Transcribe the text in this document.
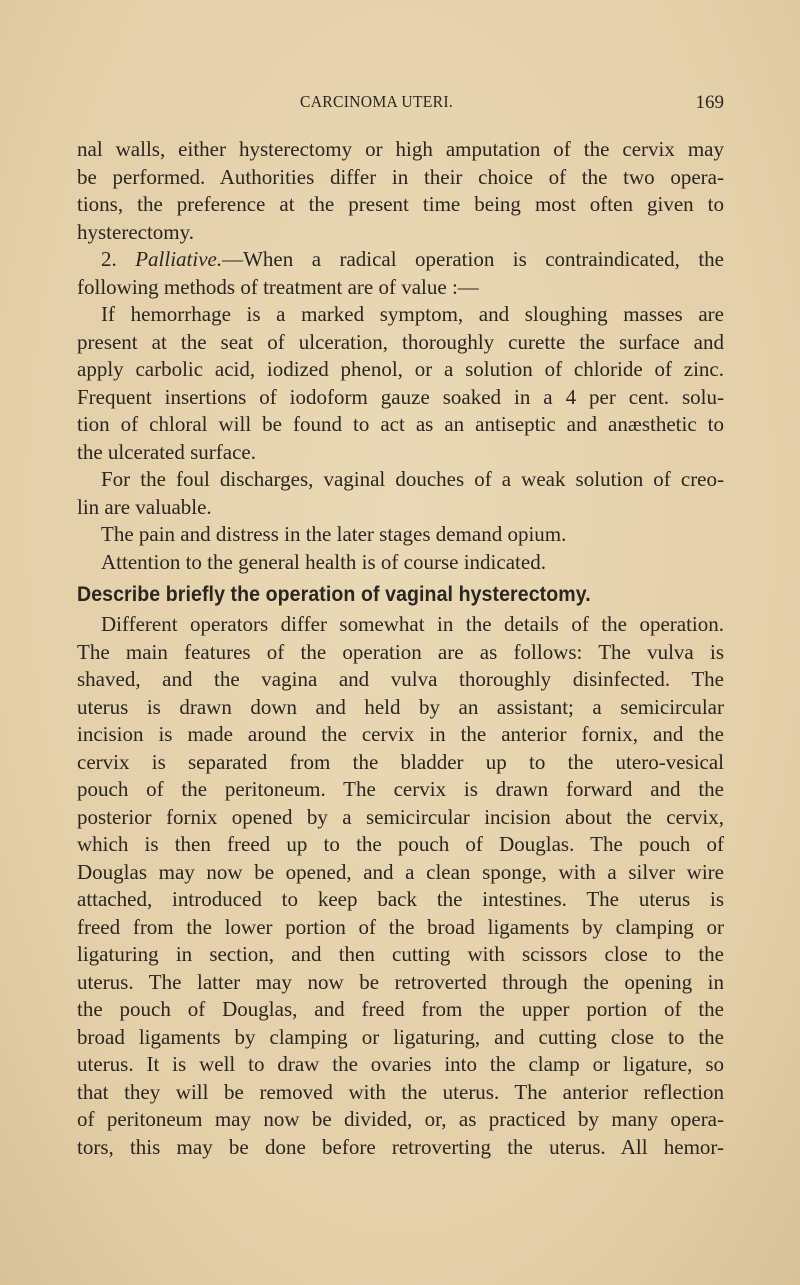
CARCINOMA UTERI.	169
nal walls, either hysterectomy or high amputation of the cervix may
be performed. Authorities differ in their choice of the two opera-
tions, the preference at the present time being most often given to
hysterectomy.
2. Palliative.—When a radical operation is contraindicated, the
following methods of treatment are of value :—
If hemorrhage is a marked symptom, and sloughing masses are
present at the seat of ulceration, thoroughly curette the surface and
apply carbolic acid, iodized phenol, or a solution of chloride of zinc.
Frequent insertions of iodoform gauze soaked in a 4 per cent. solu-
tion of chloral will be found to act as an antiseptic and anæsthetic to
the ulcerated surface.
For the foul discharges, vaginal douches of a weak solution of creo-
lin are valuable.
The pain and distress in the later stages demand opium.
Attention to the general health is of course indicated.
Describe briefly the operation of vaginal hysterectomy.
Different operators differ somewhat in the details of the operation.
The main features of the operation are as follows: The vulva is
shaved, and the vagina and vulva thoroughly disinfected. The
uterus is drawn down and held by an assistant; a semicircular
incision is made around the cervix in the anterior fornix, and the
cervix is separated from the bladder up to the utero-vesical
pouch of the peritoneum. The cervix is drawn forward and the
posterior fornix opened by a semicircular incision about the cervix,
which is then freed up to the pouch of Douglas. The pouch of
Douglas may now be opened, and a clean sponge, with a silver wire
attached, introduced to keep back the intestines. The uterus is
freed from the lower portion of the broad ligaments by clamping or
ligaturing in section, and then cutting with scissors close to the
uterus. The latter may now be retroverted through the opening in
the pouch of Douglas, and freed from the upper portion of the
broad ligaments by clamping or ligaturing, and cutting close to the
uterus. It is well to draw the ovaries into the clamp or ligature, so
that they will be removed with the uterus. The anterior reflection
of peritoneum may now be divided, or, as practiced by many opera-
tors, this may be done before retroverting the uterus. All hemor-
